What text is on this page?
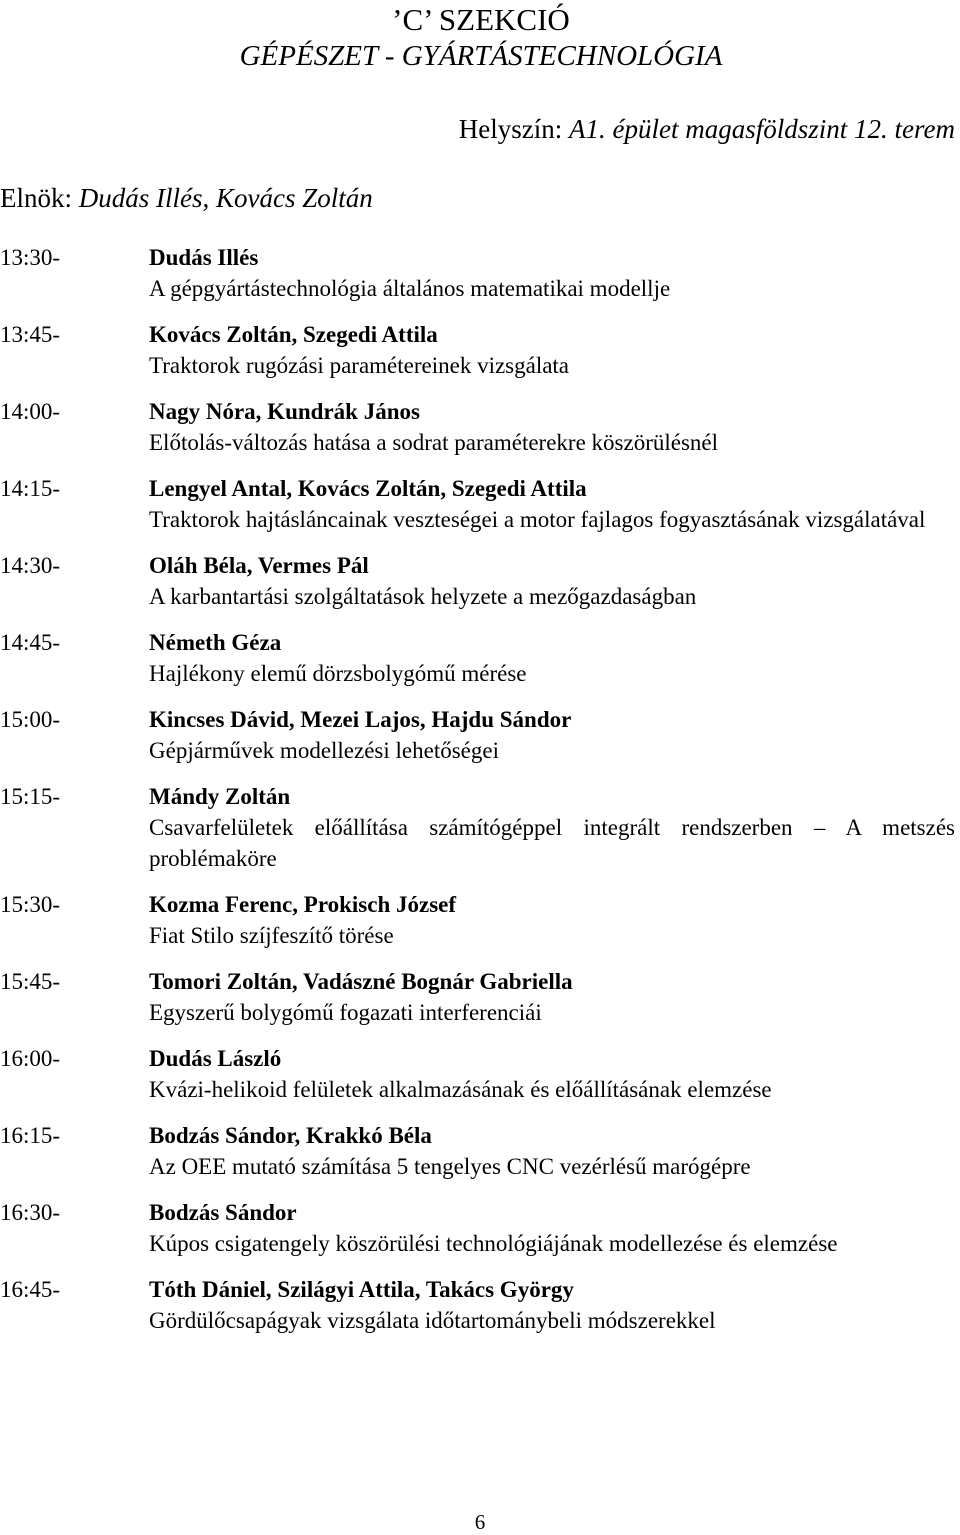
’C’ SZEKCIÓ
GÉPÉSZET - GYÁRTÁSTECHNOLÓGIA
Helyszín: A1. épület magasföldszint 12. terem
Elnök: Dudás Illés, Kovács Zoltán
13:30-	Dudás Illés
A gépgyártástechnológia általános matematikai modellje
13:45-	Kovács Zoltán, Szegedi Attila
Traktorok rugózási paramétereinek vizsgálata
14:00-	Nagy Nóra, Kundrák János
Előtolás-változás hatása a sodrat paraméterekre köszörülésnél
14:15-	Lengyel Antal, Kovács Zoltán, Szegedi Attila
Traktorok hajtásláncainak veszteségei a motor fajlagos fogyasztásának vizsgálatával
14:30-	Oláh Béla, Vermes Pál
A karbantartási szolgáltatások helyzete a mezőgazdaságban
14:45-	Németh Géza
Hajlékony elemű dörzsbolygómű mérése
15:00-	Kincses Dávid, Mezei Lajos, Hajdu Sándor
Gépjárművek modellezési lehetőségei
15:15-	Mándy Zoltán
Csavarfelületek előállítása számítógéppel integrált rendszerben – A metszés problémaköre
15:30-	Kozma Ferenc, Prokisch József
Fiat Stilo szíjfeszítő törése
15:45-	Tomori Zoltán, Vadászné Bognár Gabriella
Egyszerű bolygómű fogazati interferenciái
16:00-	Dudás László
Kvázi-helikoid felületek alkalmazásának és előállításának elemzése
16:15-	Bodzás Sándor, Krakkó Béla
Az OEE mutató számítása 5 tengelyes CNC vezérlésű marógépre
16:30-	Bodzás Sándor
Kúpos csigatengely köszörülési technológiájának modellezése és elemzése
16:45-	Tóth Dániel, Szilágyi Attila, Takács György
Gördülőcsapágyak vizsgálata időtartománybeli módszerekkel
6
